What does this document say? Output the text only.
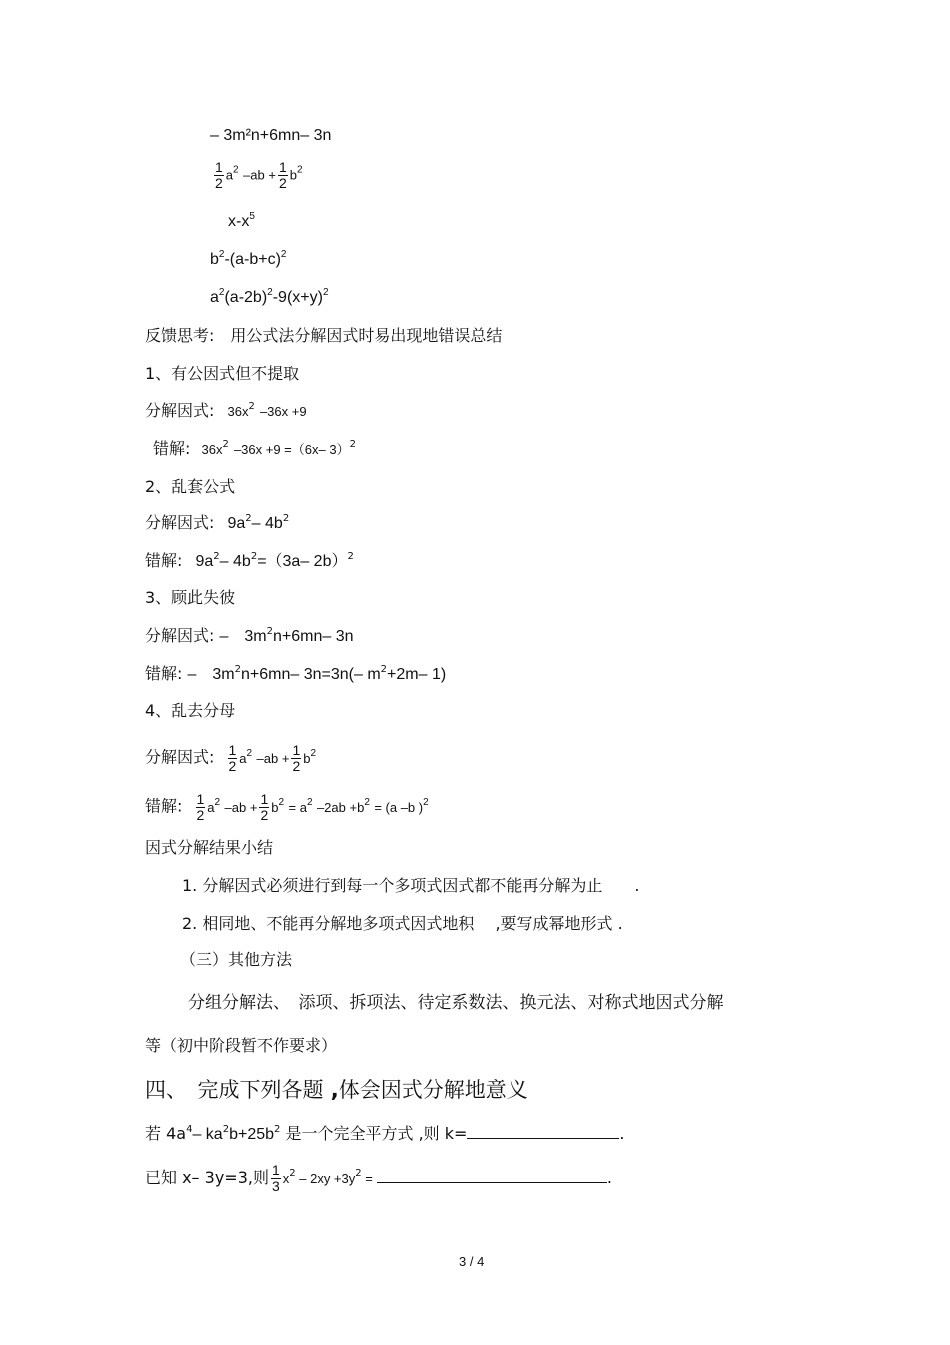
– 3m²n+6mn– 3n
$\frac{1}{2} a^2$ $-ab + \frac{1}{2} b^2$
$x-x^5$
$b^2-(a-b+c)^2$
$a^2(a-2b)^2-9(x+y)^2$
反馈思考:　用公式法分解因式时易出现地错误总结
1、有公因式但不提取
分解因式: $36x^2$ –36x +9
错解: $36x^2$ –36x +9 =（6x– 3）$^2$
2、乱套公式
分解因式: $9a^2-$ $4b^2$
错解: $9a^2-$ $4b^2=(3a-$ 2b）$^2$
3、顾此失彼
分解因式: –　$3m^2n+6mn-$ 3n
错解: –　$3m^2n+6mn-$ 3n=3n(– $m^2+2m-$ 1)
4、乱去分母
分解因式: $\frac{1}{2} a^2$ $-ab + \frac{1}{2} b^2$
错解: $\frac{1}{2} a^2$ $-ab + \frac{1}{2} b^2 = a^2$ $-2ab +b^2 = (a$ –b )$^2$
因式分解结果小结
1. 分解因式必须进行到每一个多项式因式都不能再分解为止　　.
2. 相同地、不能再分解地多项式因式地积　 ,要写成幂地形式 .
（三）其他方法
分组分解法、　添项、拆项法、待定系数法、换元法、对称式地因式分解
等（初中阶段暂不作要求）
四、　完成下列各题 ,体会因式分解地意义
若 $4a^4-$ $ka^2b+25b^2$ 是一个完全平方式 ,则 k=	.
已知 x– 3y=3,则 $\frac{1}{3} x^2 - 2xy +3y^2$ =	.
3 / 4
